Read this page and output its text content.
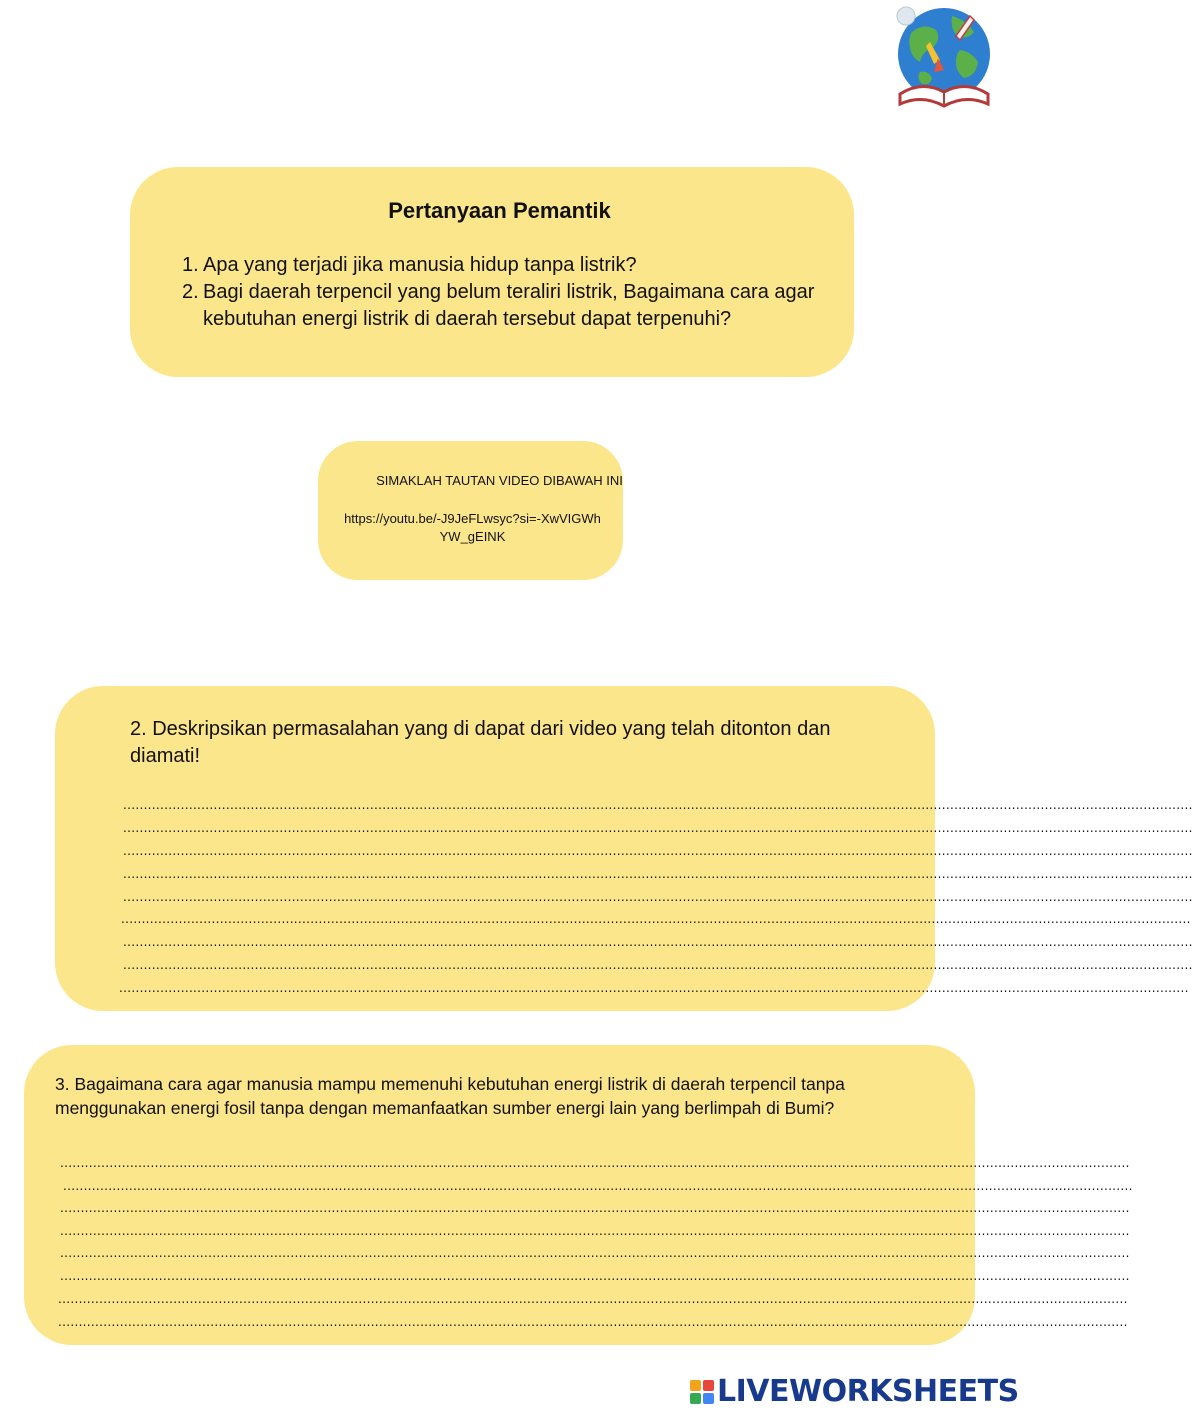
Pertanyaan Pemantik
1. Apa yang terjadi jika manusia hidup tanpa listrik?
2. Bagi daerah terpencil yang belum teraliri listrik, Bagaimana cara agar kebutuhan energi listrik di daerah tersebut dapat terpenuhi?
SIMAKLAH TAUTAN VIDEO DIBAWAH INI
https://youtu.be/-J9JeFLwsyc?si=-XwVIGWhYW_gEINK
2. Deskripsikan permasalahan yang di dapat dari video yang telah ditonton dan diamati!
....................................................................................................................................................................................................................................................................
....................................................................................................................................................................................................................................................................
....................................................................................................................................................................................................................................................................
....................................................................................................................................................................................................................................................................
....................................................................................................................................................................................................................................................................
....................................................................................................................................................................................................................................................................
....................................................................................................................................................................................................................................................................
....................................................................................................................................................................................................................................................................
....................................................................................................................................................................................................................................................................
3. Bagaimana cara agar manusia mampu memenuhi kebutuhan energi listrik di daerah terpencil tanpa menggunakan energi fosil tanpa dengan memanfaatkan sumber energi lain yang berlimpah di Bumi?
....................................................................................................................................................................................................................................................................
....................................................................................................................................................................................................................................................................
....................................................................................................................................................................................................................................................................
....................................................................................................................................................................................................................................................................
....................................................................................................................................................................................................................................................................
....................................................................................................................................................................................................................................................................
....................................................................................................................................................................................................................................................................
....................................................................................................................................................................................................................................................................
LIVEWORKSHEETS
